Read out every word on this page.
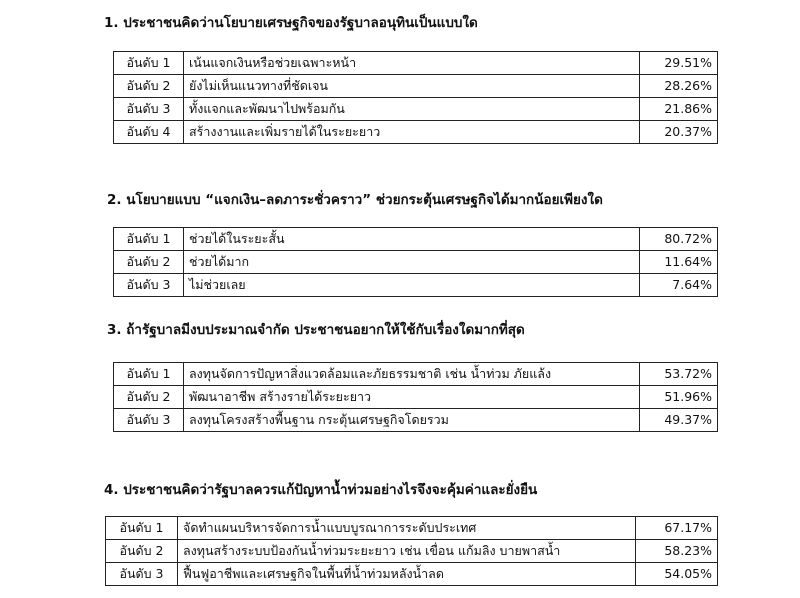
1. ประชาชนคิดว่านโยบายเศรษฐกิจของรัฐบาลอนุทินเป็นแบบใด
อันดับ 1	เน้นแจกเงินหรือช่วยเฉพาะหน้า	29.51%
อันดับ 2	ยังไม่เห็นแนวทางที่ชัดเจน	28.26%
อันดับ 3	ทั้งแจกและพัฒนาไปพร้อมกัน	21.86%
อันดับ 4	สร้างงานและเพิ่มรายได้ในระยะยาว	20.37%
2. นโยบายแบบ “แจกเงิน–ลดภาระชั่วคราว” ช่วยกระตุ้นเศรษฐกิจได้มากน้อยเพียงใด
อันดับ 1	ช่วยได้ในระยะสั้น	80.72%
อันดับ 2	ช่วยได้มาก	11.64%
อันดับ 3	ไม่ช่วยเลย	7.64%
3. ถ้ารัฐบาลมีงบประมาณจำกัด ประชาชนอยากให้ใช้กับเรื่องใดมากที่สุด
อันดับ 1	ลงทุนจัดการปัญหาสิ่งแวดล้อมและภัยธรรมชาติ เช่น น้ำท่วม ภัยแล้ง	53.72%
อันดับ 2	พัฒนาอาชีพ สร้างรายได้ระยะยาว	51.96%
อันดับ 3	ลงทุนโครงสร้างพื้นฐาน กระตุ้นเศรษฐกิจโดยรวม	49.37%
4. ประชาชนคิดว่ารัฐบาลควรแก้ปัญหาน้ำท่วมอย่างไรจึงจะคุ้มค่าและยั่งยืน
อันดับ 1	จัดทำแผนบริหารจัดการน้ำแบบบูรณาการระดับประเทศ	67.17%
อันดับ 2	ลงทุนสร้างระบบป้องกันน้ำท่วมระยะยาว เช่น เขื่อน แก้มลิง บายพาสน้ำ	58.23%
อันดับ 3	ฟื้นฟูอาชีพและเศรษฐกิจในพื้นที่น้ำท่วมหลังน้ำลด	54.05%
